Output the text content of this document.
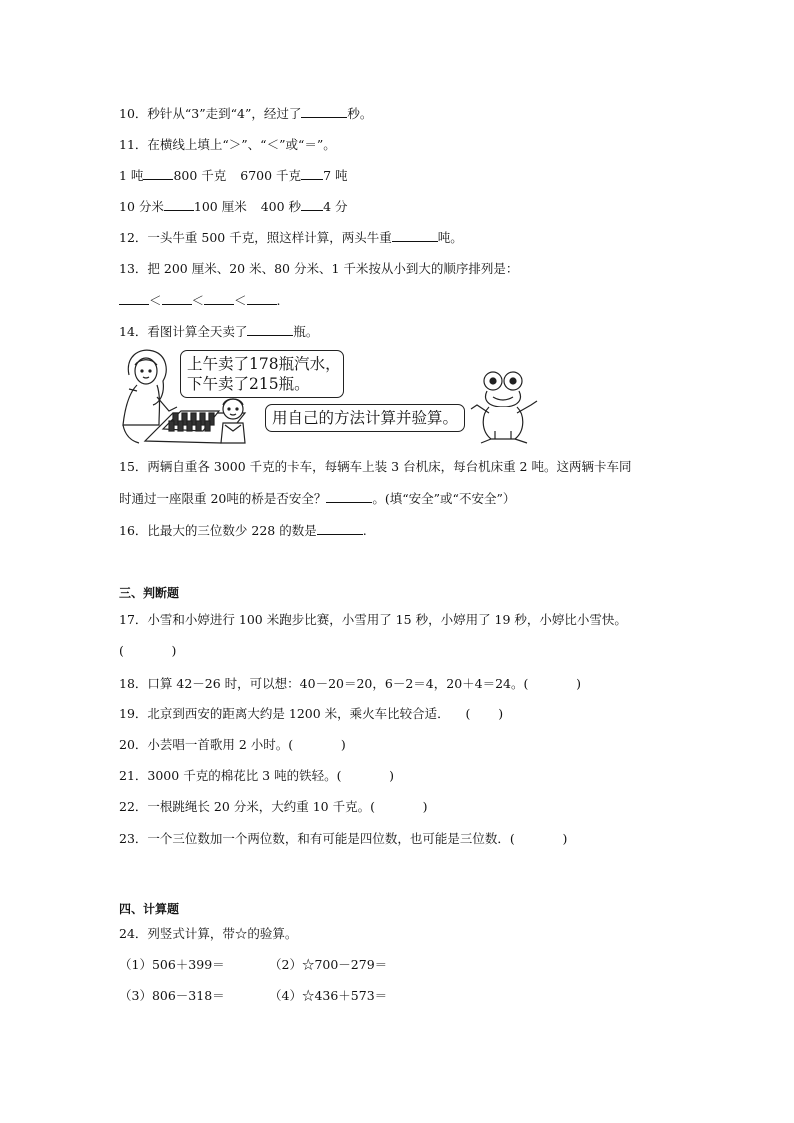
10．秒针从“3”走到“4”，经过了	秒。
11．在横线上填上“＞”、“＜”或“＝”。
1 吨 800 千克 6700 千克 7 吨
10 分米 100 厘米 400 秒 4 分
12．一头牛重 500 千克，照这样计算，两头牛重	吨。
13．把 200 厘米、20 米、80 分米、1 千米按从小到大的顺序排列是：
＜ ＜ ＜ .
14．看图计算全天卖了	瓶。
上午卖了178瓶汽水，
下午卖了215瓶。
用自己的方法计算并验算。
15．两辆自重各 3000 千克的卡车，每辆车上装 3 台机床，每台机床重 2 吨。这两辆卡车同
时通过一座限重 20吨的桥是否安全？	。(填“安全”或“不安全”）
16．比最大的三位数少 228 的数是	.
三、判断题
17．小雪和小婷进行 100 米跑步比赛，小雪用了 15 秒，小婷用了 19 秒，小婷比小雪快。
(            )
18．口算 42－26 时，可以想：40－20＝20，6－2＝4，20＋4＝24。(            )
19．北京到西安的距离大约是 1200 米，乘火车比较合适．    (       )
20．小芸唱一首歌用 2 小时。(            )
21．3000 千克的棉花比 3 吨的铁轻。(            )
22．一根跳绳长 20 分米，大约重 10 千克。(            )
23．一个三位数加一个两位数，和有可能是四位数，也可能是三位数．(            )
四、计算题
24．列竖式计算，带☆的验算。
（1）506＋399＝	（2）☆700－279＝
（3）806－318＝	（4）☆436＋573＝
